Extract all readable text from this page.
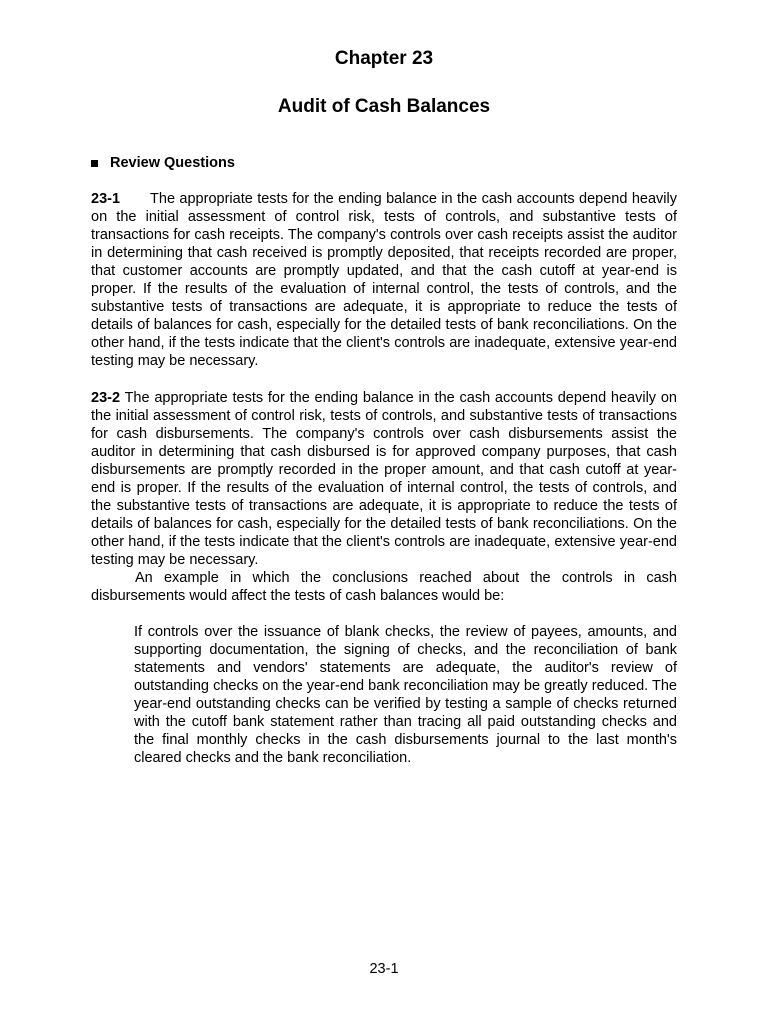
Chapter 23
Audit of Cash Balances
Review Questions

23-1 The appropriate tests for the ending balance in the cash accounts depend heavily on the initial assessment of control risk, tests of controls, and substantive tests of transactions for cash receipts. The company's controls over cash receipts assist the auditor in determining that cash received is promptly deposited, that receipts recorded are proper, that customer accounts are promptly updated, and that the cash cutoff at year-end is proper. If the results of the evaluation of internal control, the tests of controls, and the substantive tests of transactions are adequate, it is appropriate to reduce the tests of details of balances for cash, especially for the detailed tests of bank reconciliations. On the other hand, if the tests indicate that the client's controls are inadequate, extensive year-end testing may be necessary.

23-2 The appropriate tests for the ending balance in the cash accounts depend heavily on the initial assessment of control risk, tests of controls, and substantive tests of transactions for cash disbursements. The company's controls over cash disbursements assist the auditor in determining that cash disbursed is for approved company purposes, that cash disbursements are promptly recorded in the proper amount, and that cash cutoff at year-end is proper. If the results of the evaluation of internal control, the tests of controls, and the substantive tests of transactions are adequate, it is appropriate to reduce the tests of details of balances for cash, especially for the detailed tests of bank reconciliations. On the other hand, if the tests indicate that the client's controls are inadequate, extensive year-end testing may be necessary.

An example in which the conclusions reached about the controls in cash disbursements would affect the tests of cash balances would be:

If controls over the issuance of blank checks, the review of payees, amounts, and supporting documentation, the signing of checks, and the reconciliation of bank statements and vendors' statements are adequate, the auditor's review of outstanding checks on the year-end bank reconciliation may be greatly reduced. The year-end outstanding checks can be verified by testing a sample of checks returned with the cutoff bank statement rather than tracing all paid outstanding checks and the final monthly checks in the cash disbursements journal to the last month's cleared checks and the bank reconciliation.

23-1
